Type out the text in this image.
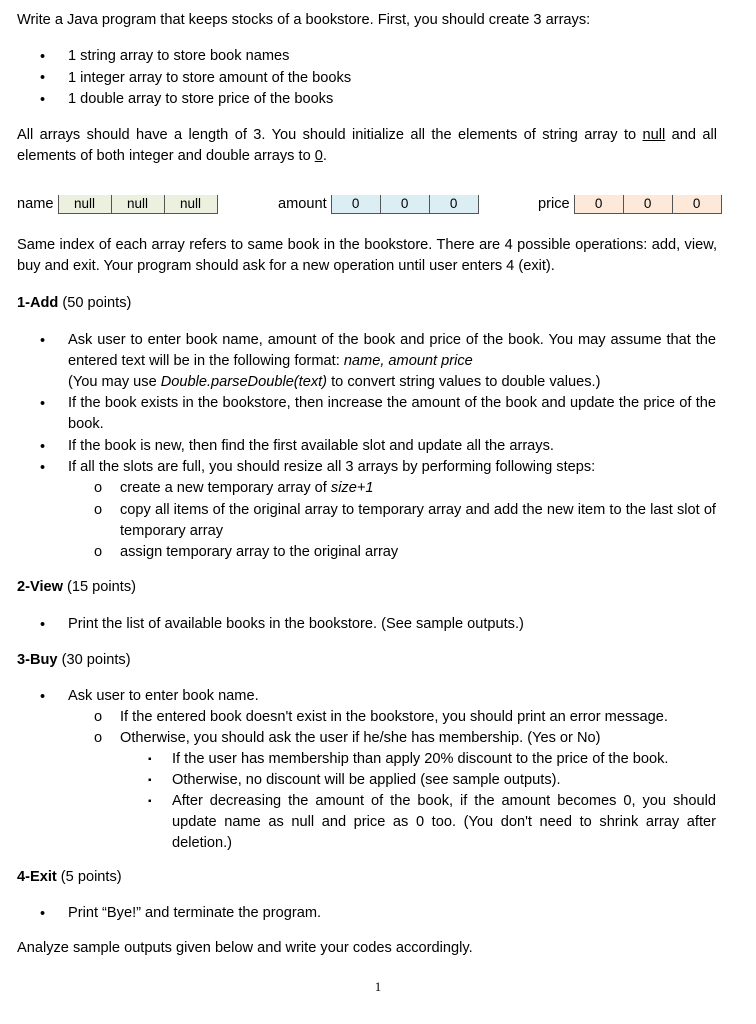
Write a Java program that keeps stocks of a bookstore. First, you should create 3 arrays:
• 1 string array to store book names
• 1 integer array to store amount of the books
• 1 double array to store price of the books
All arrays should have a length of 3. You should initialize all the elements of string array to null and all elements of both integer and double arrays to 0.
name	null	null	null	amount	0	0	0	price	0	0	0
Same index of each array refers to same book in the bookstore. There are 4 possible operations: add, view, buy and exit. Your program should ask for a new operation until user enters 4 (exit).
1-Add (50 points)
• Ask user to enter book name, amount of the book and price of the book. You may assume that the entered text will be in the following format: name, amount price
(You may use Double.parseDouble(text) to convert string values to double values.)
• If the book exists in the bookstore, then increase the amount of the book and update the price of the book.
• If the book is new, then find the first available slot and update all the arrays.
• If all the slots are full, you should resize all 3 arrays by performing following steps:
o create a new temporary array of size+1
o copy all items of the original array to temporary array and add the new item to the last slot of temporary array
o assign temporary array to the original array
2-View (15 points)
• Print the list of available books in the bookstore. (See sample outputs.)
3-Buy (30 points)
• Ask user to enter book name.
o If the entered book doesn't exist in the bookstore, you should print an error message.
o Otherwise, you should ask the user if he/she has membership. (Yes or No)
▪ If the user has membership than apply 20% discount to the price of the book.
▪ Otherwise, no discount will be applied (see sample outputs).
▪ After decreasing the amount of the book, if the amount becomes 0, you should update name as null and price as 0 too. (You don't need to shrink array after deletion.)
4-Exit (5 points)
• Print “Bye!” and terminate the program.
Analyze sample outputs given below and write your codes accordingly.
1
